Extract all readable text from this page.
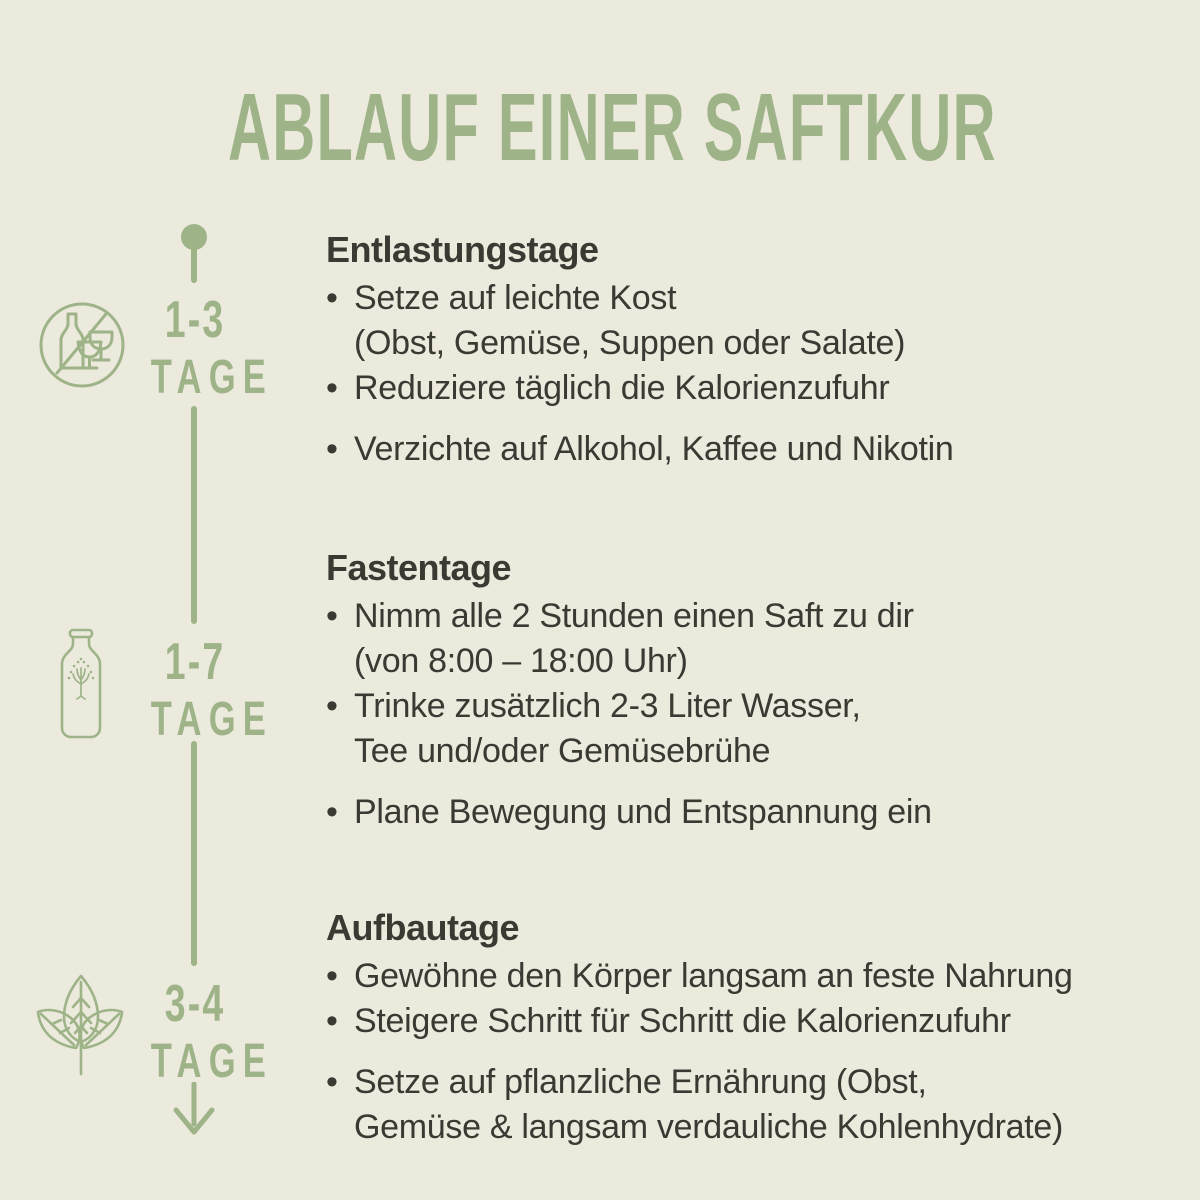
ABLAUF EINER SAFTKUR
1-3
TAGE
1-7
TAGE
3-4
TAGE
Entlastungstage
• Setze auf leichte Kost
(Obst, Gemüse, Suppen oder Salate)
• Reduziere täglich die Kalorienzufuhr
• Verzichte auf Alkohol, Kaffee und Nikotin
Fastentage
• Nimm alle 2 Stunden einen Saft zu dir
(von 8:00 – 18:00 Uhr)
• Trinke zusätzlich 2-3 Liter Wasser,
Tee und/oder Gemüsebrühe
• Plane Bewegung und Entspannung ein
Aufbautage
• Gewöhne den Körper langsam an feste Nahrung
• Steigere Schritt für Schritt die Kalorienzufuhr
• Setze auf pflanzliche Ernährung (Obst,
Gemüse & langsam verdauliche Kohlenhydrate)
